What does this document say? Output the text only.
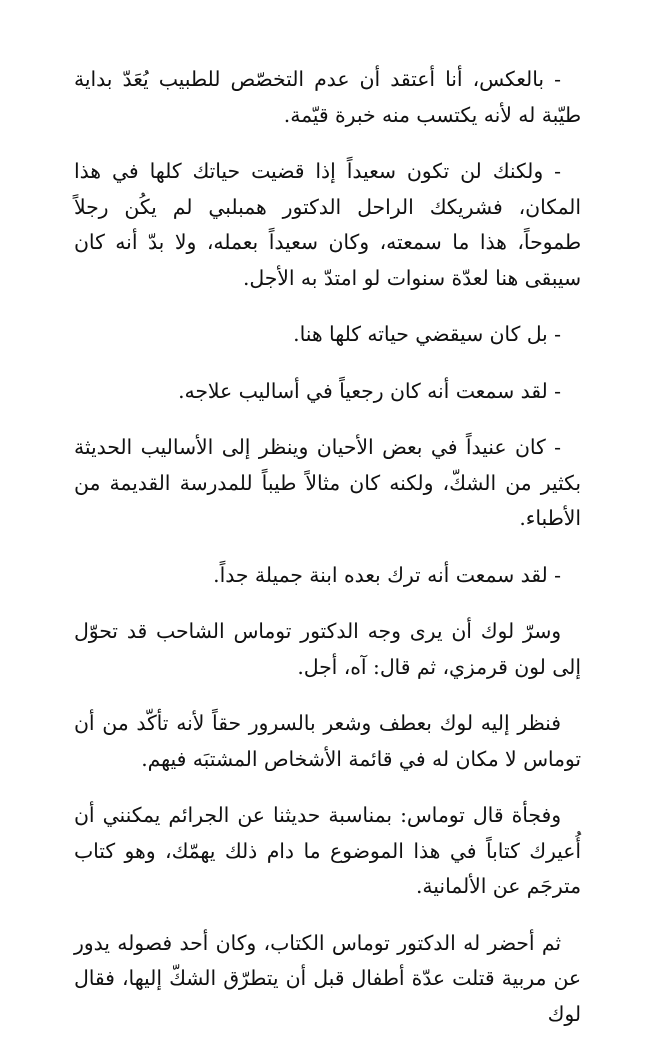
- بالعكس، أنا أعتقد أن عدم التخصّص للطبيب يُعَدّ بداية طيّبة له لأنه يكتسب منه خبرة قيّمة.

- ولكنك لن تكون سعيداً إذا قضيت حياتك كلها في هذا المكان، فشريكك الراحل الدكتور همبلبي لم يكُن رجلاً طموحاً، هذا ما سمعته، وكان سعيداً بعمله، ولا بدّ أنه كان سيبقى هنا لعدّة سنوات لو امتدّ به الأجل.

- بل كان سيقضي حياته كلها هنا.

- لقد سمعت أنه كان رجعياً في أساليب علاجه.

- كان عنيداً في بعض الأحيان وينظر إلى الأساليب الحديثة بكثير من الشكّ، ولكنه كان مثالاً طيباً للمدرسة القديمة من الأطباء.

- لقد سمعت أنه ترك بعده ابنة جميلة جداً.

وسرّ لوك أن يرى وجه الدكتور توماس الشاحب قد تحوّل إلى لون قرمزي، ثم قال: آه، أجل.

فنظر إليه لوك بعطف وشعر بالسرور حقاً لأنه تأكّد من أن توماس لا مكان له في قائمة الأشخاص المشتبَه فيهم.

وفجأة قال توماس: بمناسبة حديثنا عن الجرائم يمكنني أن أُعيرك كتاباً في هذا الموضوع ما دام ذلك يهمّك، وهو كتاب مترجَم عن الألمانية.

ثم أحضر له الدكتور توماس الكتاب، وكان أحد فصوله يدور عن مربية قتلت عدّة أطفال قبل أن يتطرّق الشكّ إليها، فقال لوك
